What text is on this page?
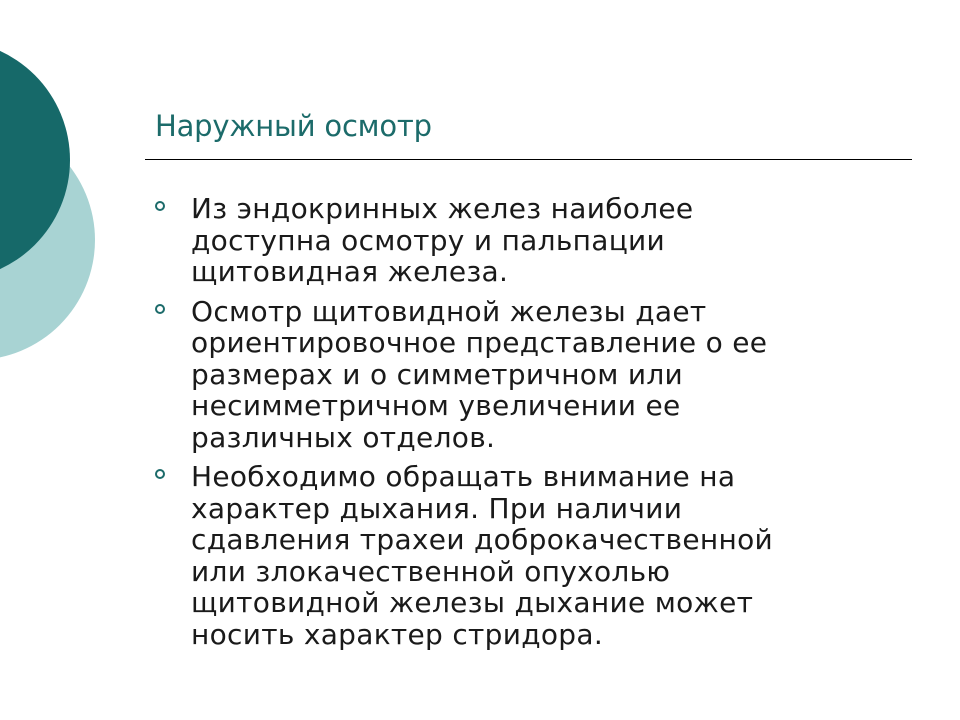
Наружный осмотр
Из эндокринных желез наиболее
доступна осмотру и пальпации
щитовидная железа.
Осмотр щитовидной железы дает
ориентировочное представление о ее
размерах и о симметричном или
несимметричном увеличении ее
различных отделов.
Необходимо обращать внимание на
характер дыхания. При наличии
сдавления трахеи доброкачественной
или злокачественной опухолью
щитовидной железы дыхание может
носить характер стридора.
